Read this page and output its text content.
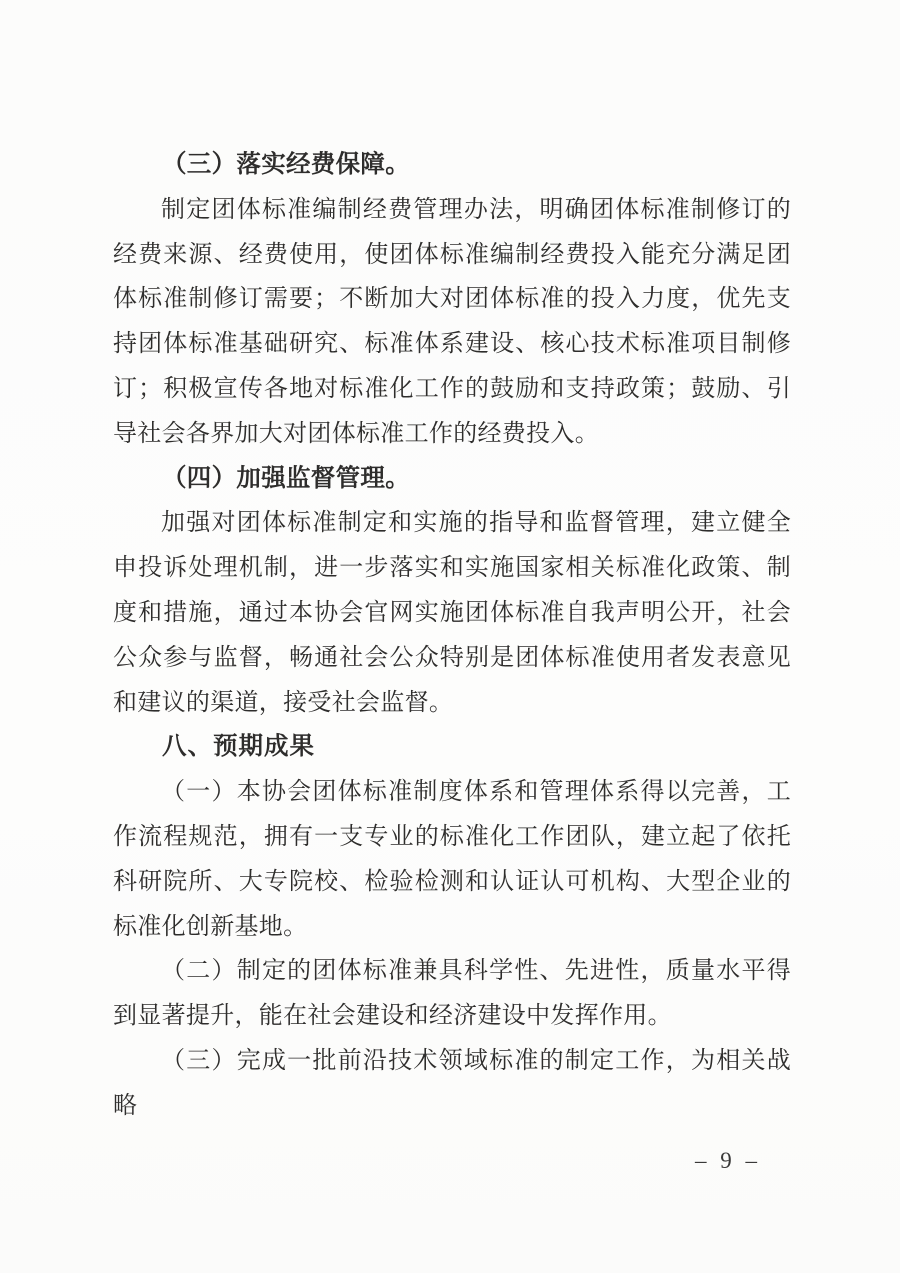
（三）落实经费保障。

制定团体标准编制经费管理办法，明确团体标准制修订的经费来源、经费使用，使团体标准编制经费投入能充分满足团体标准制修订需要；不断加大对团体标准的投入力度，优先支持团体标准基础研究、标准体系建设、核心技术标准项目制修订；积极宣传各地对标准化工作的鼓励和支持政策；鼓励、引导社会各界加大对团体标准工作的经费投入。

（四）加强监督管理。

加强对团体标准制定和实施的指导和监督管理，建立健全申投诉处理机制，进一步落实和实施国家相关标准化政策、制度和措施，通过本协会官网实施团体标准自我声明公开，社会公众参与监督，畅通社会公众特别是团体标准使用者发表意见和建议的渠道，接受社会监督。

八、预期成果

（一）本协会团体标准制度体系和管理体系得以完善，工作流程规范，拥有一支专业的标准化工作团队，建立起了依托科研院所、大专院校、检验检测和认证认可机构、大型企业的标准化创新基地。

（二）制定的团体标准兼具科学性、先进性，质量水平得到显著提升，能在社会建设和经济建设中发挥作用。

（三）完成一批前沿技术领域标准的制定工作，为相关战略

– 9 –
